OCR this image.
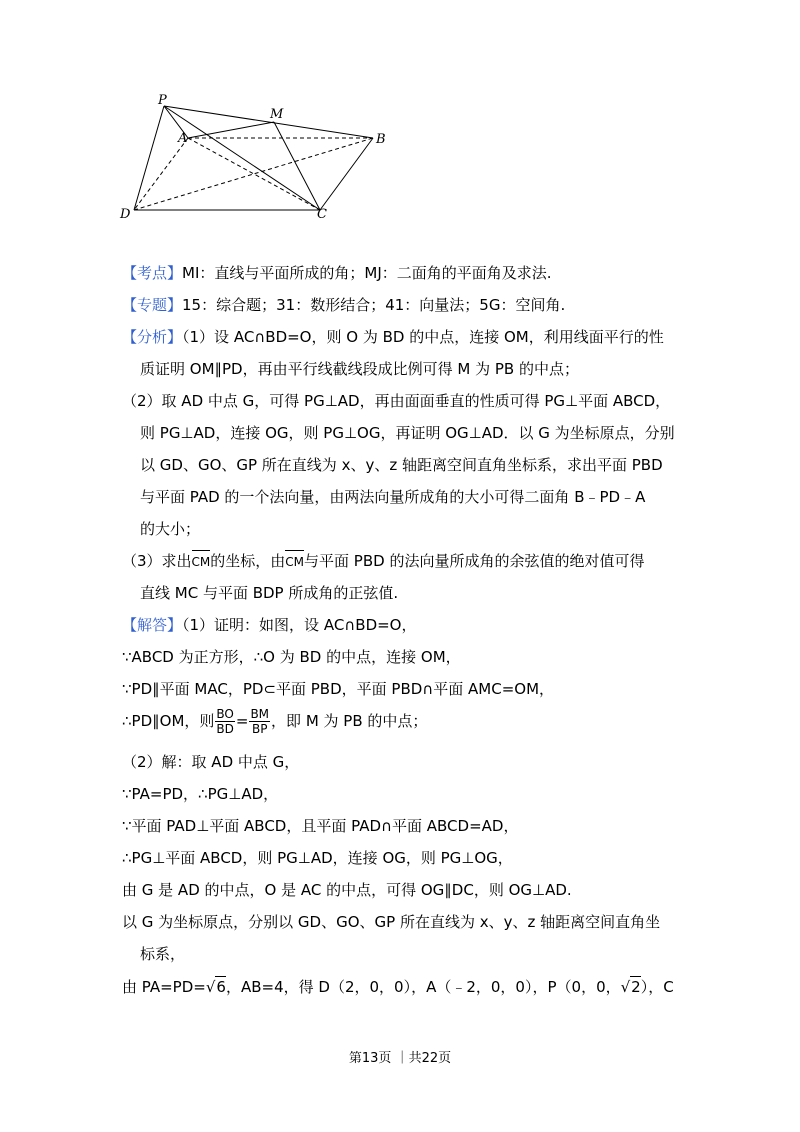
P
M
A	B
D	C
【考点】MI：直线与平面所成的角；MJ：二面角的平面角及求法.
【专题】15：综合题；31：数形结合；41：向量法；5G：空间角.
【分析】（1）设 AC∩BD=O，则 O 为 BD 的中点，连接 OM，利用线面平行的性
质证明 OM∥PD，再由平行线截线段成比例可得 M 为 PB 的中点；
（2）取 AD 中点 G，可得 PG⊥AD，再由面面垂直的性质可得 PG⊥平面 ABCD，
则 PG⊥AD，连接 OG，则 PG⊥OG，再证明 OG⊥AD．以 G 为坐标原点，分别
以 GD、GO、GP 所在直线为 x、y、z 轴距离空间直角坐标系，求出平面 PBD
与平面 PAD 的一个法向量，由两法向量所成角的大小可得二面角 B﹣PD﹣A
的大小；
（3）求出CM的坐标，由CM与平面 PBD 的法向量所成角的余弦值的绝对值可得
直线 MC 与平面 BDP 所成角的正弦值.
【解答】（1）证明：如图，设 AC∩BD=O，
∵ABCD 为正方形，∴O 为 BD 的中点，连接 OM，
∵PD∥平面 MAC，PD⊂平面 PBD，平面 PBD∩平面 AMC=OM，
∴PD∥OM，则 $\frac{BO}{BD} = \frac{BM}{BP}$ ，即 M 为 PB 的中点；
（2）解：取 AD 中点 G，
∵PA=PD，∴PG⊥AD，
∵平面 PAD⊥平面 ABCD，且平面 PAD∩平面 ABCD=AD，
∴PG⊥平面 ABCD，则 PG⊥AD，连接 OG，则 PG⊥OG，
由 G 是 AD 的中点，O 是 AC 的中点，可得 OG∥DC，则 OG⊥AD.
以 G 为坐标原点，分别以 GD、GO、GP 所在直线为 x、y、z 轴距离空间直角坐
标系，
由 PA=PD=√6，AB=4，得 D（2，0，0），A（﹣2，0，0），P（0，0，√2），C
第13页 ｜共22页
